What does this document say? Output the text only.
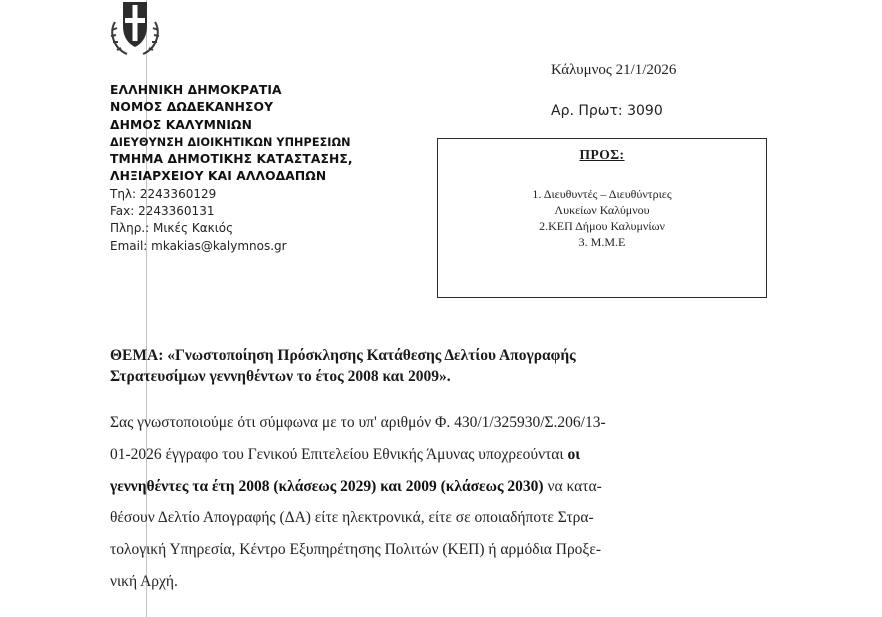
ΕΛΛΗΝΙΚΗ ΔΗΜΟΚΡΑΤΙΑ
ΝΟΜΟΣ ΔΩΔΕΚΑΝΗΣΟΥ
ΔΗΜΟΣ ΚΑΛΥΜΝΙΩΝ
ΔΙΕΥΘΥΝΣΗ ΔΙΟΙΚΗΤΙΚΩΝ ΥΠΗΡΕΣΙΩΝ
ΤΜΗΜΑ ΔΗΜΟΤΙΚΗΣ ΚΑΤΑΣΤΑΣΗΣ,
ΛΗΞΙΑΡΧΕΙΟΥ ΚΑΙ ΑΛΛΟΔΑΠΩΝ
Τηλ: 2243360129
Fax: 2243360131
Πληρ.: Μικές Κακιός
Email: mkakias@kalymnos.gr
Κάλυμνος 21/1/2026
Αρ. Πρωτ: 3090
ΠΡΟΣ:
1. Διευθυντές – Διευθύντριες
Λυκείων Καλύμνου
2.ΚΕΠ Δήμου Καλυμνίων
3. Μ.Μ.Ε
ΘΕΜΑ: «Γνωστοποίηση Πρόσκλησης Κατάθεσης Δελτίου Απογραφής
Στρατευσίμων γεννηθέντων το έτος 2008 και 2009».
Σας γνωστοποιούμε ότι σύμφωνα με το υπ' αριθμόν Φ. 430/1/325930/Σ.206/13-
01-2026 έγγραφο του Γενικού Επιτελείου Εθνικής Άμυνας υποχρεούνται οι
γεννηθέντες τα έτη 2008 (κλάσεως 2029) και 2009 (κλάσεως 2030) να κατα-
θέσουν Δελτίο Απογραφής (ΔΑ) είτε ηλεκτρονικά, είτε σε οποιαδήποτε Στρα-
τολογική Υπηρεσία, Κέντρο Εξυπηρέτησης Πολιτών (ΚΕΠ) ή αρμόδια Προξε-
νική Αρχή.
